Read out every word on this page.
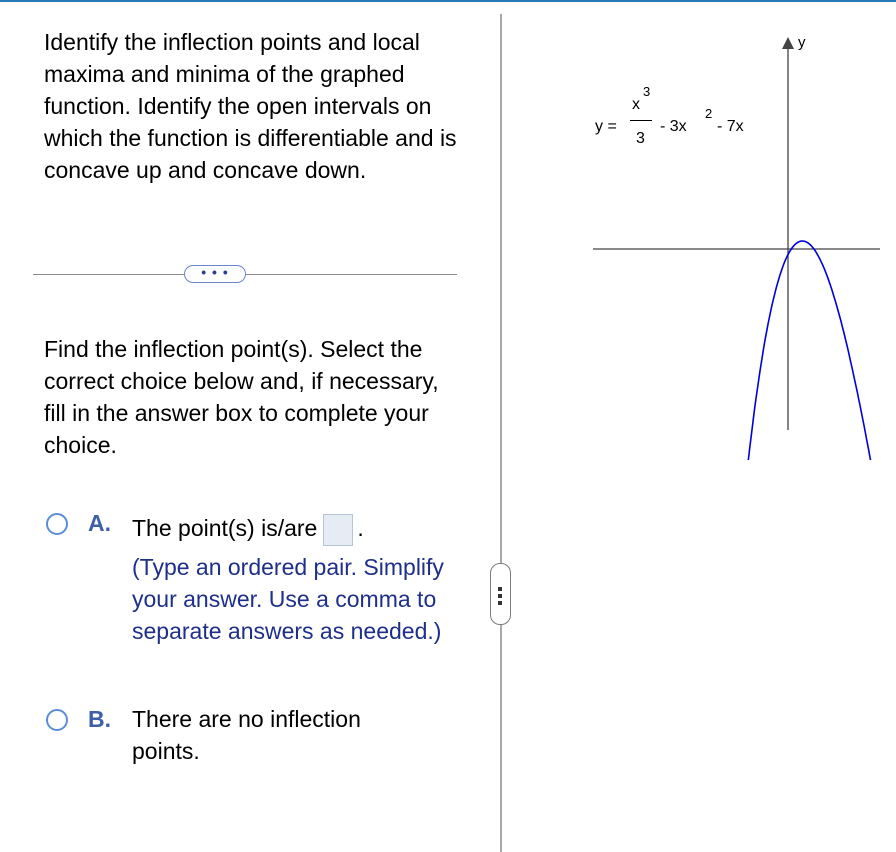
Identify the inflection points and local maxima and minima of the graphed function. Identify the open intervals on which the function is differentiable and is concave up and concave down.
• • •
Find the inflection point(s). Select the correct choice below and, if necessary, fill in the answer box to complete your choice.
A. The point(s) is/are .
(Type an ordered pair. Simplify your answer. Use a comma to separate answers as needed.)
B. There are no inflection points.
y =
x
3
3
- 3x
2
- 7x
y
